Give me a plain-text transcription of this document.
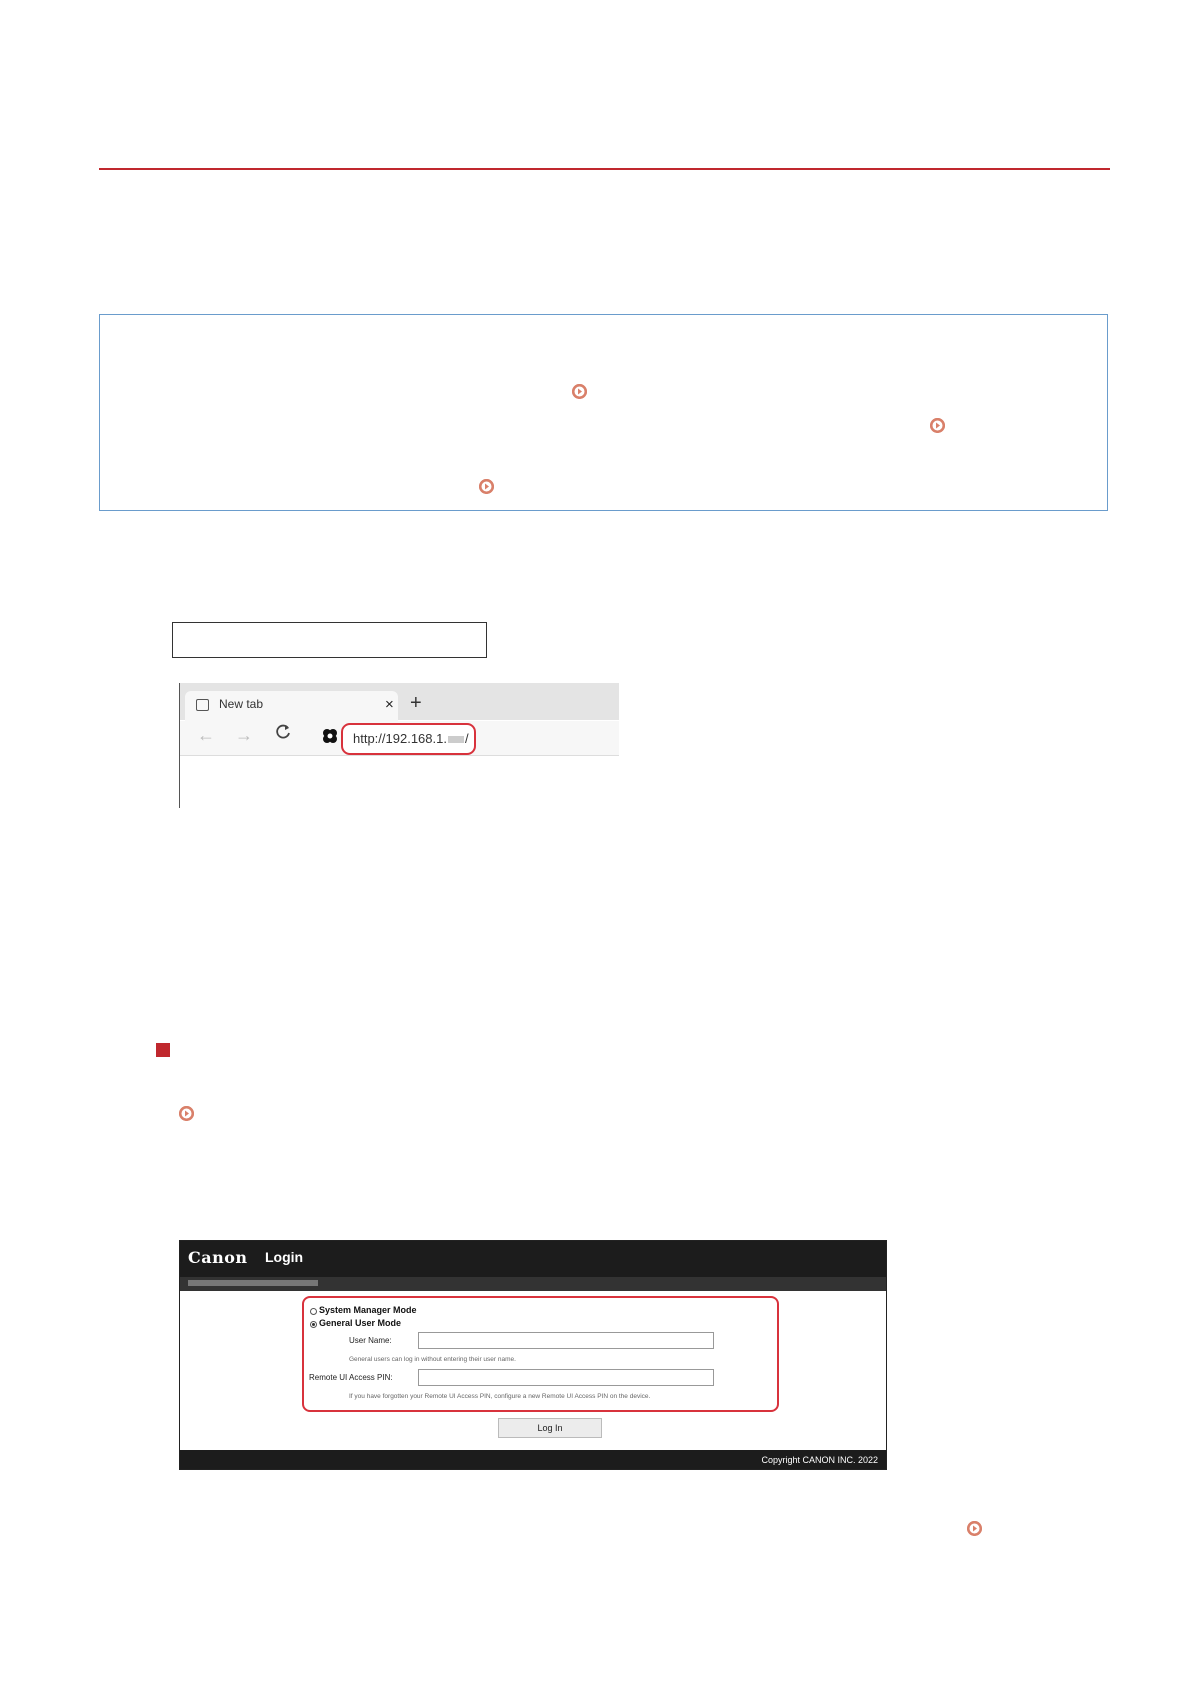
New tab	× +
← →	http://192.168.1. /
Canon Login
System Manager Mode
General User Mode
User Name:
General users can log in without entering their user name.
Remote UI Access PIN:
If you have forgotten your Remote UI Access PIN, configure a new Remote UI Access PIN on the device.
Log In
Copyright CANON INC. 2022
